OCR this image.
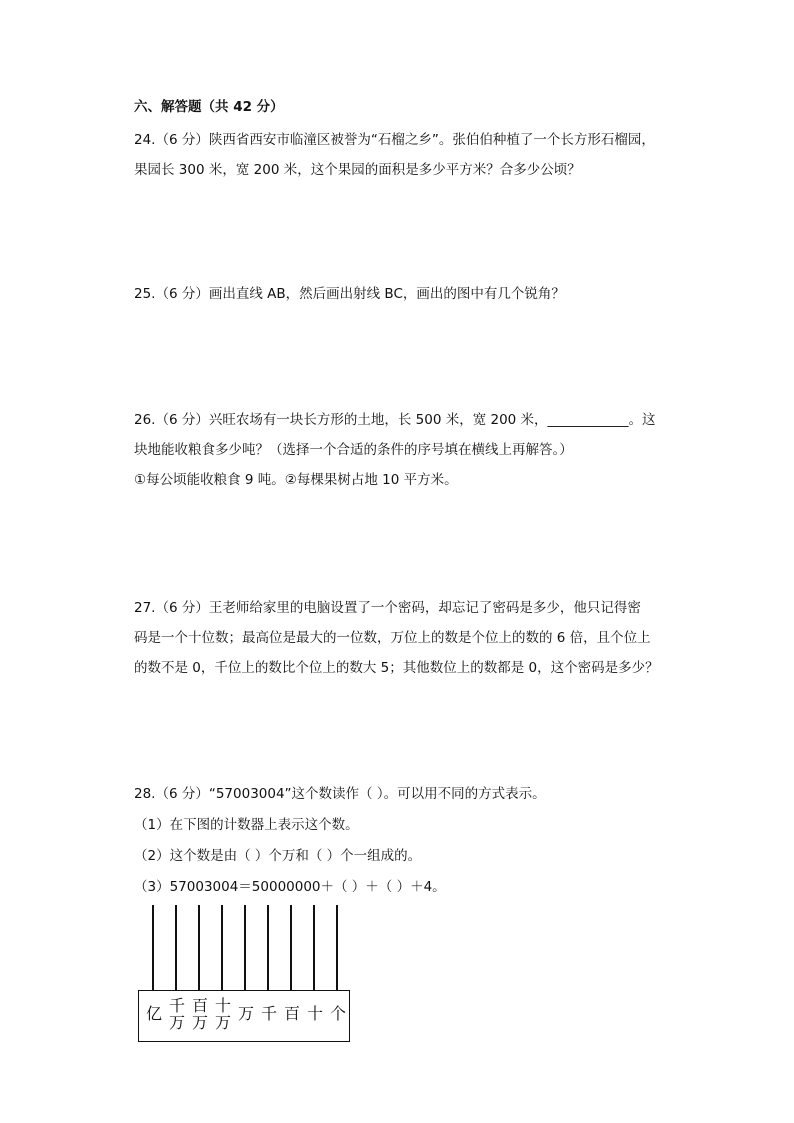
六、解答题（共 42 分）
24.（6 分）陕西省西安市临潼区被誉为“石榴之乡”。张伯伯种植了一个长方形石榴园，
果园长 300 米，宽 200 米，这个果园的面积是多少平方米？合多少公顷？
25.（6 分）画出直线 AB，然后画出射线 BC，画出的图中有几个锐角？
26.（6 分）兴旺农场有一块长方形的土地，长 500 米，宽 200 米，____________。这
块地能收粮食多少吨？（选择一个合适的条件的序号填在横线上再解答。）
①每公顷能收粮食 9 吨。②每棵果树占地 10 平方米。
27.（6 分）王老师给家里的电脑设置了一个密码，却忘记了密码是多少，他只记得密
码是一个十位数；最高位是最大的一位数，万位上的数是个位上的数的 6 倍，且个位上
的数不是 0，千位上的数比个位上的数大 5；其他数位上的数都是 0，这个密码是多少？
28.（6 分）“57003004”这个数读作（ ）。可以用不同的方式表示。
（1）在下图的计数器上表示这个数。
（2）这个数是由（ ）个万和（ ）个一组成的。
（3）57003004＝50000000＋（ ）＋（ ）＋4。
亿 千
万
百
万
十
万 万 千 百 十 个
